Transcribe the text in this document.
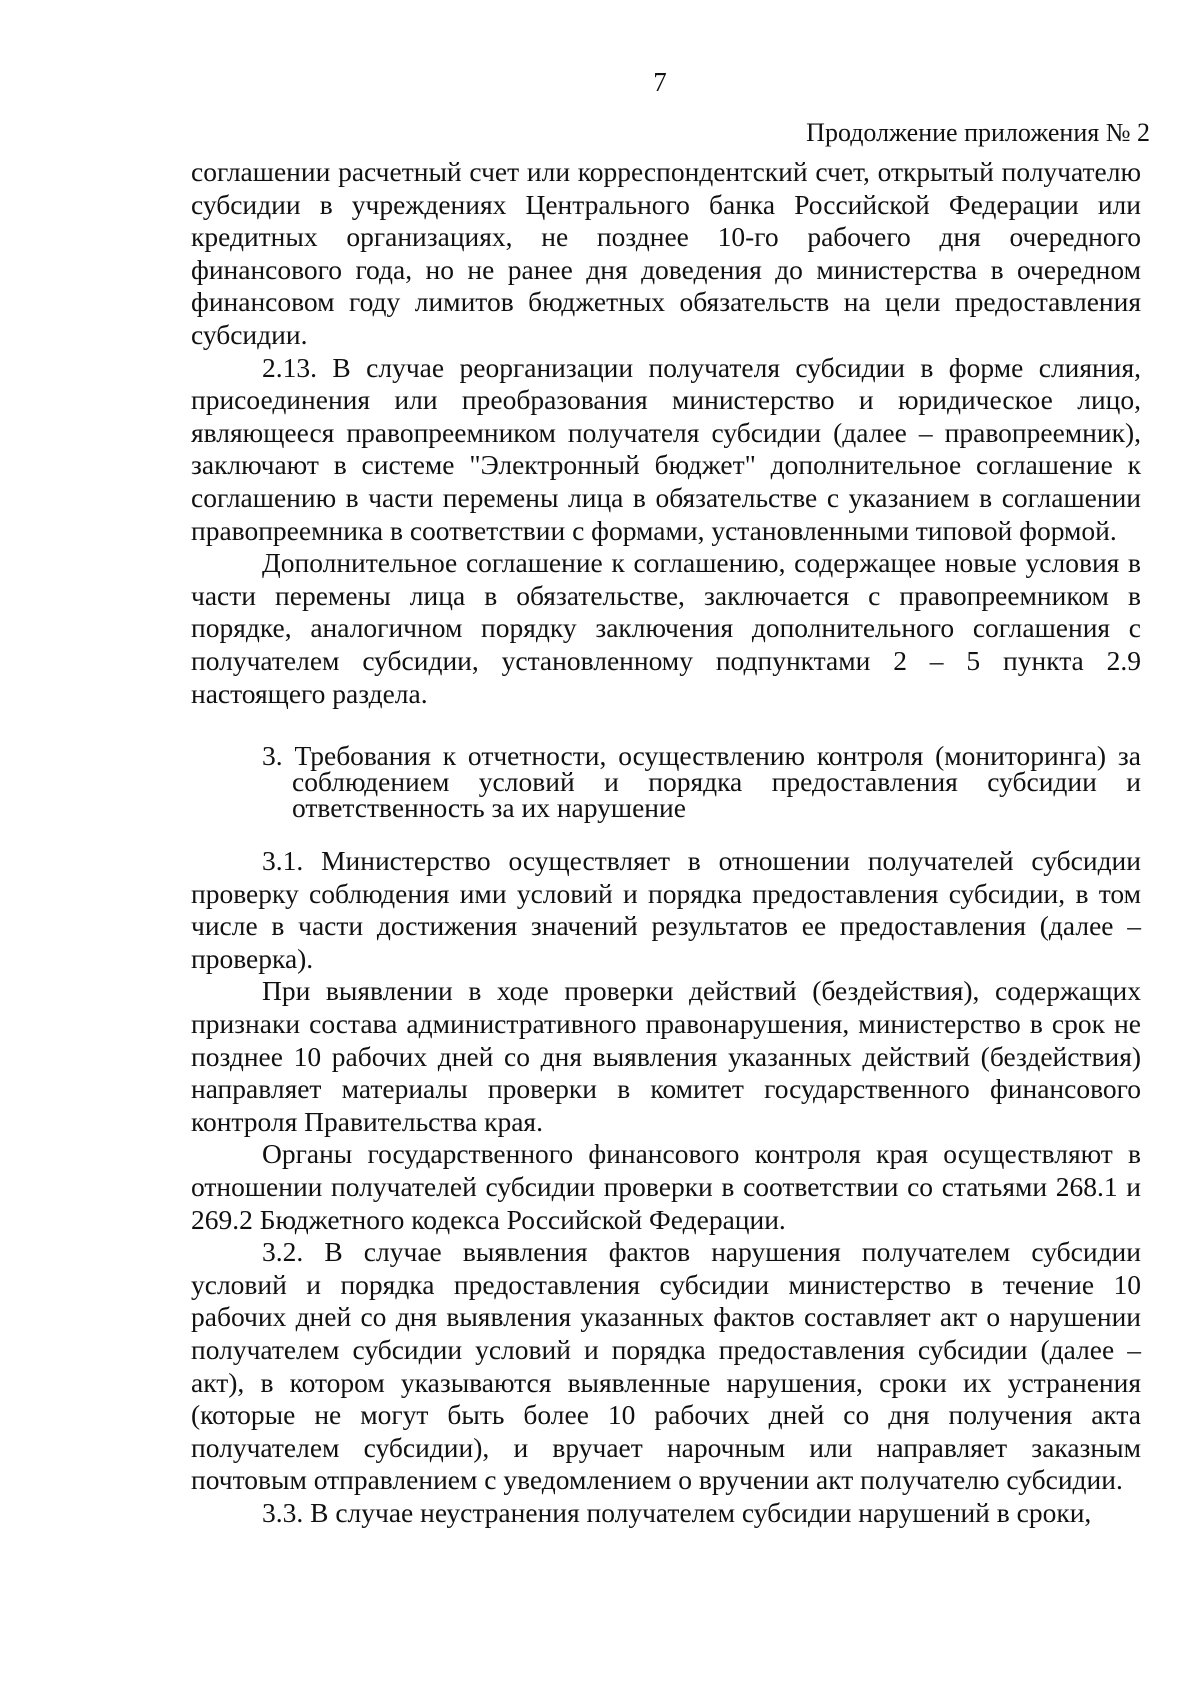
7
Продолжение приложения № 2

соглашении расчетный счет или корреспондентский счет, открытый получателю субсидии в учреждениях Центрального банка Российской Федерации или кредитных организациях, не позднее 10-го рабочего дня очередного финансового года, но не ранее дня доведения до министерства в очередном финансовом году лимитов бюджетных обязательств на цели предоставления субсидии.

2.13. В случае реорганизации получателя субсидии в форме слияния, присоединения или преобразования министерство и юридическое лицо, являющееся правопреемником получателя субсидии (далее – правопреемник), заключают в системе "Электронный бюджет" дополнительное соглашение к соглашению в части перемены лица в обязательстве с указанием в соглашении правопреемника в соответствии с формами, установленными типовой формой.

Дополнительное соглашение к соглашению, содержащее новые условия в части перемены лица в обязательстве, заключается с правопреемником в порядке, аналогичном порядку заключения дополнительного соглашения с получателем субсидии, установленному подпунктами 2 – 5 пункта 2.9 настоящего раздела.

3. Требования к отчетности, осуществлению контроля (мониторинга) за соблюдением условий и порядка предоставления субсидии и ответственность за их нарушение

3.1. Министерство осуществляет в отношении получателей субсидии проверку соблюдения ими условий и порядка предоставления субсидии, в том числе в части достижения значений результатов ее предоставления (далее – проверка).

При выявлении в ходе проверки действий (бездействия), содержащих признаки состава административного правонарушения, министерство в срок не позднее 10 рабочих дней со дня выявления указанных действий (бездействия) направляет материалы проверки в комитет государственного финансового контроля Правительства края.

Органы государственного финансового контроля края осуществляют в отношении получателей субсидии проверки в соответствии со статьями 268.1 и 269.2 Бюджетного кодекса Российской Федерации.

3.2. В случае выявления фактов нарушения получателем субсидии условий и порядка предоставления субсидии министерство в течение 10 рабочих дней со дня выявления указанных фактов составляет акт о нарушении получателем субсидии условий и порядка предоставления субсидии (далее – акт), в котором указываются выявленные нарушения, сроки их устранения (которые не могут быть более 10 рабочих дней со дня получения акта получателем субсидии), и вручает нарочным или направляет заказным почтовым отправлением с уведомлением о вручении акт получателю субсидии.

3.3. В случае неустранения получателем субсидии нарушений в сроки,
